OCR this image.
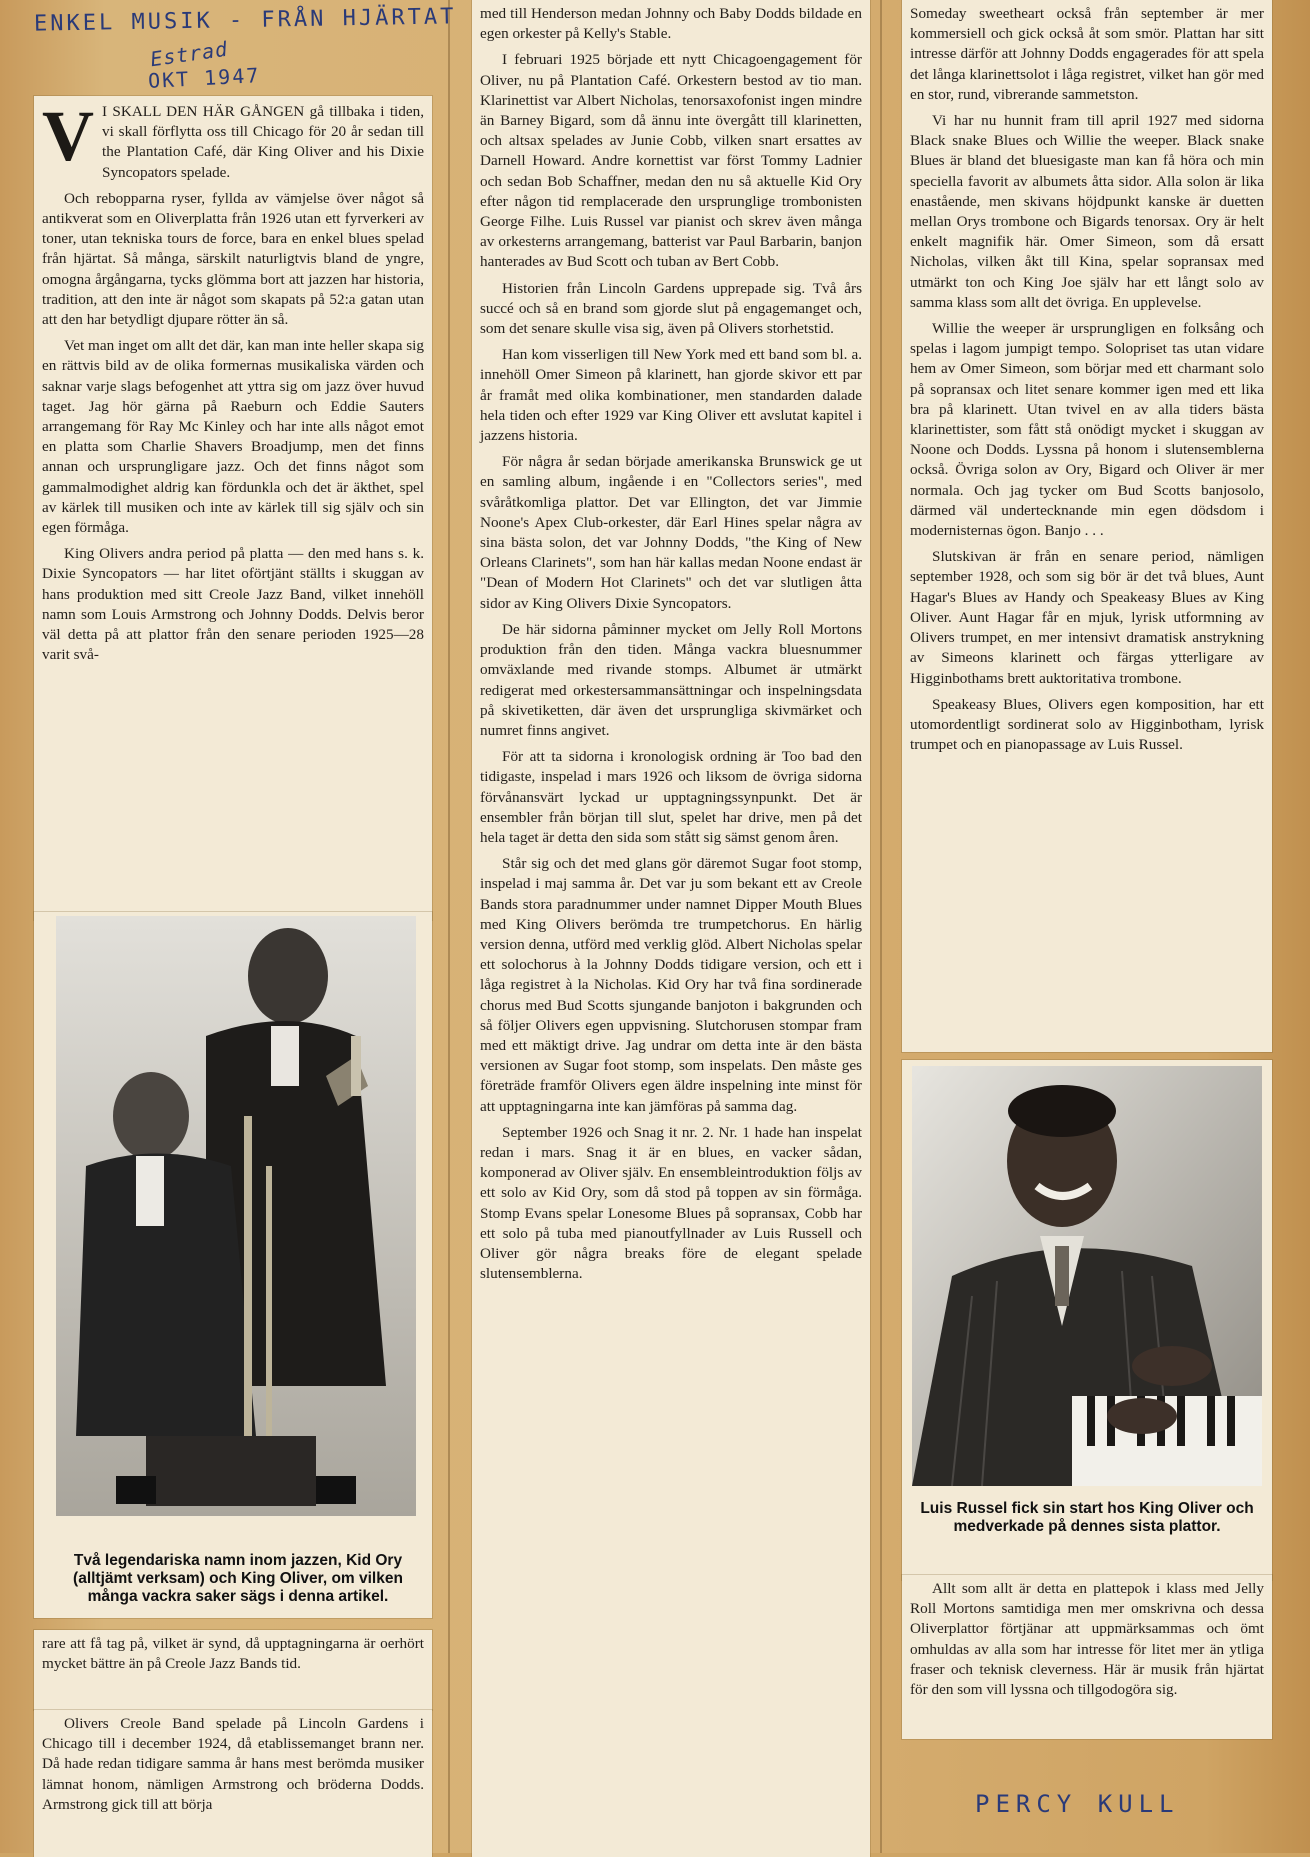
ENKEL MUSIK - FRÅN HJÄRTAT
Estrad
OKT 1947
PERCY KULL
V I SKALL DEN HÄR GÅNGEN gå tillbaka i tiden, vi skall förflytta oss till Chicago för 20 år sedan till the Plantation Café, där King Oliver and his Dixie Syncopators spelade.

Och rebopparna ryser, fyllda av vämjelse över något så antikverat som en Oliverplatta från 1926 utan ett fyrverkeri av toner, utan tekniska tours de force, bara en enkel blues spelad från hjärtat. Så många, särskilt naturligtvis bland de yngre, omogna årgångarna, tycks glömma bort att jazzen har historia, tradition, att den inte är något som skapats på 52:a gatan utan att den har betydligt djupare rötter än så.

Vet man inget om allt det där, kan man inte heller skapa sig en rättvis bild av de olika formernas musikaliska värden och saknar varje slags befogenhet att yttra sig om jazz över huvud taget. Jag hör gärna på Raeburn och Eddie Sauters arrangemang för Ray Mc Kinley och har inte alls något emot en platta som Charlie Shavers Broadjump, men det finns annan och ursprungligare jazz. Och det finns något som gammalmodighet aldrig kan fördunkla och det är äkthet, spel av kärlek till musiken och inte av kärlek till sig själv och sin egen förmåga.

King Olivers andra period på platta — den med hans s. k. Dixie Syncopators — har litet oförtjänt ställts i skuggan av hans produktion med sitt Creole Jazz Band, vilket innehöll namn som Louis Armstrong och Johnny Dodds. Delvis beror väl detta på att plattor från den senare perioden 1925—28 varit svå-

Två legendariska namn inom jazzen, Kid Ory (alltjämt verksam) och King Oliver, om vilken många vackra saker sägs i denna artikel.

rare att få tag på, vilket är synd, då upptagningarna är oerhört mycket bättre än på Creole Jazz Bands tid.

Olivers Creole Band spelade på Lincoln Gardens i Chicago till i december 1924, då etablissemanget brann ner. Då hade redan tidigare samma år hans mest berömda musiker lämnat honom, nämligen Armstrong och bröderna Dodds. Armstrong gick till att börja

med till Henderson medan Johnny och Baby Dodds bildade en egen orkester på Kelly's Stable.

I februari 1925 började ett nytt Chicagoengagement för Oliver, nu på Plantation Café. Orkestern bestod av tio man. Klarinettist var Albert Nicholas, tenorsaxofonist ingen mindre än Barney Bigard, som då ännu inte övergått till klarinetten, och altsax spelades av Junie Cobb, vilken snart ersattes av Darnell Howard. Andre kornettist var först Tommy Ladnier och sedan Bob Schaffner, medan den nu så aktuelle Kid Ory efter någon tid remplacerade den ursprunglige trombonisten George Filhe. Luis Russel var pianist och skrev även många av orkesterns arrangemang, batterist var Paul Barbarin, banjon hanterades av Bud Scott och tuban av Bert Cobb.

Historien från Lincoln Gardens upprepade sig. Två års succé och så en brand som gjorde slut på engagemanget och, som det senare skulle visa sig, även på Olivers storhetstid.

Han kom visserligen till New York med ett band som bl. a. innehöll Omer Simeon på klarinett, han gjorde skivor ett par år framåt med olika kombinationer, men standarden dalade hela tiden och efter 1929 var King Oliver ett avslutat kapitel i jazzens historia.

För några år sedan började amerikanska Brunswick ge ut en samling album, ingående i en "Collectors series", med svåråtkomliga plattor. Det var Ellington, det var Jimmie Noone's Apex Club-orkester, där Earl Hines spelar några av sina bästa solon, det var Johnny Dodds, "the King of New Orleans Clarinets", som han här kallas medan Noone endast är "Dean of Modern Hot Clarinets" och det var slutligen åtta sidor av King Olivers Dixie Syncopators.

De här sidorna påminner mycket om Jelly Roll Mortons produktion från den tiden. Många vackra bluesnummer omväxlande med rivande stomps. Albumet är utmärkt redigerat med orkestersammansättningar och inspelningsdata på skivetiketten, där även det ursprungliga skivmärket och numret finns angivet.

För att ta sidorna i kronologisk ordning är Too bad den tidigaste, inspelad i mars 1926 och liksom de övriga sidorna förvånansvärt lyckad ur upptagningssynpunkt. Det är ensembler från början till slut, spelet har drive, men på det hela taget är detta den sida som stått sig sämst genom åren.

Står sig och det med glans gör däremot Sugar foot stomp, inspelad i maj samma år. Det var ju som bekant ett av Creole Bands stora paradnummer under namnet Dipper Mouth Blues med King Olivers berömda tre trumpetchorus. En härlig version denna, utförd med verklig glöd. Albert Nicholas spelar ett solochorus à la Johnny Dodds tidigare version, och ett i låga registret à la Nicholas. Kid Ory har två fina sordinerade chorus med Bud Scotts sjungande banjoton i bakgrunden och så följer Olivers egen uppvisning. Slutchorusen stompar fram med ett mäktigt drive. Jag undrar om detta inte är den bästa versionen av Sugar foot stomp, som inspelats. Den måste ges företräde framför Olivers egen äldre inspelning inte minst för att upptagningarna inte kan jämföras på samma dag.

September 1926 och Snag it nr. 2. Nr. 1 hade han inspelat redan i mars. Snag it är en blues, en vacker sådan, komponerad av Oliver själv. En ensembleintroduktion följs av ett solo av Kid Ory, som då stod på toppen av sin förmåga. Stomp Evans spelar Lonesome Blues på sopransax, Cobb har ett solo på tuba med pianoutfyllnader av Luis Russell och Oliver gör några breaks före de elegant spelade slutensemblerna.

Someday sweetheart också från september är mer kommersiell och gick också åt som smör. Plattan har sitt intresse därför att Johnny Dodds engagerades för att spela det långa klarinettsolot i låga registret, vilket han gör med en stor, rund, vibrerande sammetston.

Vi har nu hunnit fram till april 1927 med sidorna Black snake Blues och Willie the weeper. Black snake Blues är bland det bluesigaste man kan få höra och min speciella favorit av albumets åtta sidor. Alla solon är lika enastående, men skivans höjdpunkt kanske är duetten mellan Orys trombone och Bigards tenorsax. Ory är helt enkelt magnifik här. Omer Simeon, som då ersatt Nicholas, vilken åkt till Kina, spelar sopransax med utmärkt ton och King Joe själv har ett långt solo av samma klass som allt det övriga. En upplevelse.

Willie the weeper är ursprungligen en folksång och spelas i lagom jumpigt tempo. Solopriset tas utan vidare hem av Omer Simeon, som börjar med ett charmant solo på sopransax och litet senare kommer igen med ett lika bra på klarinett. Utan tvivel en av alla tiders bästa klarinettister, som fått stå onödigt mycket i skuggan av Noone och Dodds. Lyssna på honom i slutensemblerna också. Övriga solon av Ory, Bigard och Oliver är mer normala. Och jag tycker om Bud Scotts banjosolo, därmed väl undertecknande min egen dödsdom i modernisternas ögon. Banjo . . .

Slutskivan är från en senare period, nämligen september 1928, och som sig bör är det två blues, Aunt Hagar's Blues av Handy och Speakeasy Blues av King Oliver. Aunt Hagar får en mjuk, lyrisk utformning av Olivers trumpet, en mer intensivt dramatisk anstrykning av Simeons klarinett och färgas ytterligare av Higginbothams brett auktoritativa trombone.

Speakeasy Blues, Olivers egen komposition, har ett utomordentligt sordinerat solo av Higginbotham, lyrisk trumpet och en pianopassage av Luis Russel.

Luis Russel fick sin start hos King Oliver och medverkade på dennes sista plattor.

Allt som allt är detta en plattepok i klass med Jelly Roll Mortons samtidiga men mer omskrivna och dessa Oliverplattor förtjänar att uppmärksammas och ömt omhuldas av alla som har intresse för litet mer än ytliga fraser och teknisk cleverness. Här är musik från hjärtat för den som vill lyssna och tillgodogöra sig.
